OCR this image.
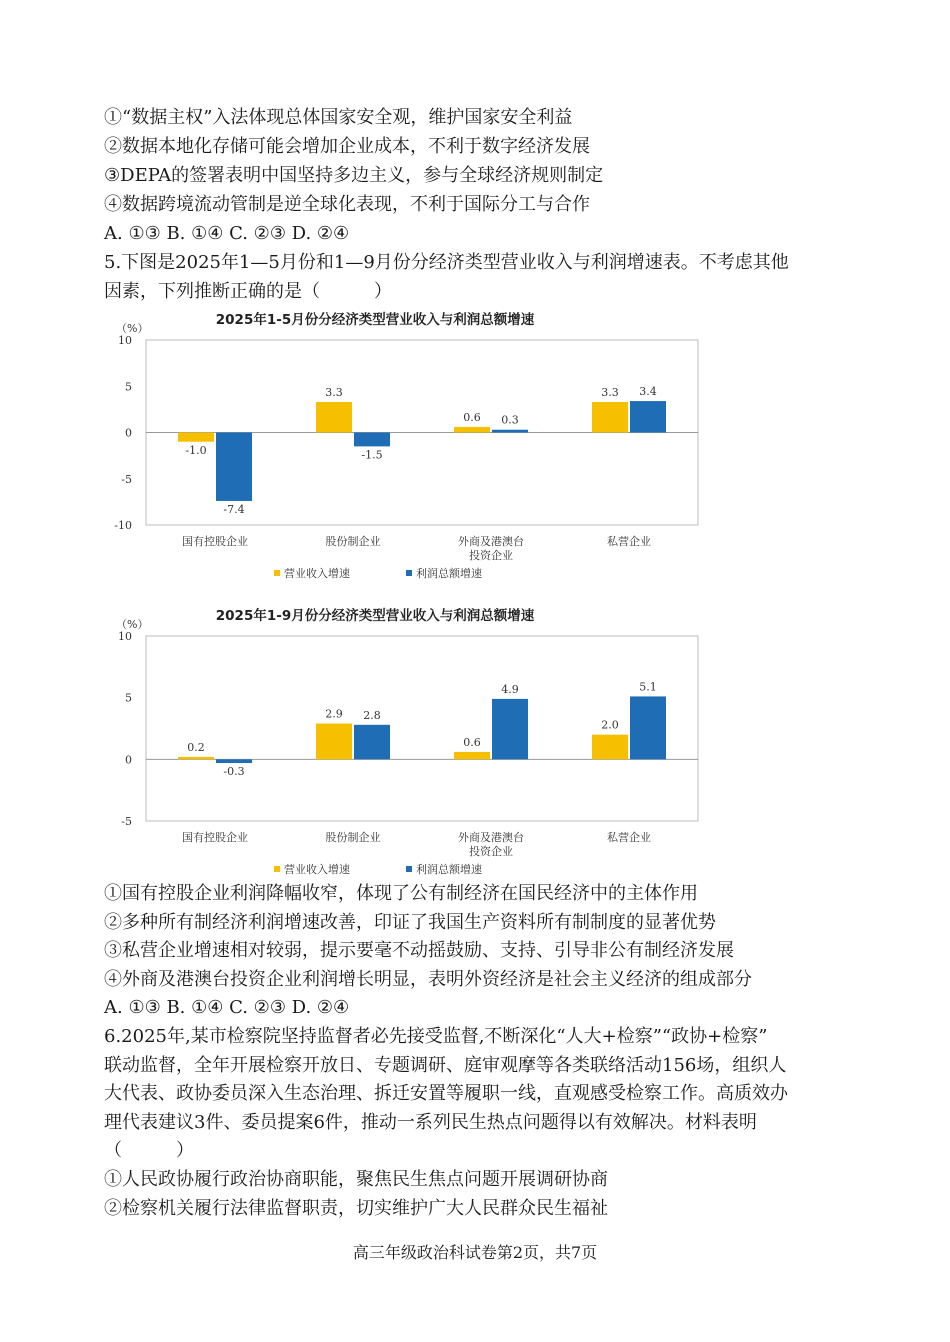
①“数据主权”入法体现总体国家安全观，维护国家安全利益
②数据本地化存储可能会增加企业成本，不利于数字经济发展
③DEPA的签署表明中国坚持多边主义，参与全球经济规则制定
④数据跨境流动管制是逆全球化表现，不利于国际分工与合作
A. ①③ B. ①④ C. ②③ D. ②④
5.下图是2025年1—5月份和1—9月份分经济类型营业收入与利润增速表。不考虑其他
因素，下列推断正确的是（　　　）
2025年1-5月份分经济类型营业收入与利润总额增速
（%）
10
5
0
-5
-10
-1.0
-7.4
国有控股企业
3.3
-1.5
股份制企业
0.6 0.3
外商及港澳台
投资企业
3.3 3.4
私营企业
营业收入增速	利润总额增速
2025年1-9月份分经济类型营业收入与利润总额增速
（%）
10
5
0
-5
0.2
-0.3
国有控股企业
2.9 2.8
股份制企业
0.6
4.9
外商及港澳台
投资企业
2.0
5.1
私营企业
营业收入增速	利润总额增速
①国有控股企业利润降幅收窄，体现了公有制经济在国民经济中的主体作用
②多种所有制经济利润增速改善，印证了我国生产资料所有制制度的显著优势
③私营企业增速相对较弱，提示要毫不动摇鼓励、支持、引导非公有制经济发展
④外商及港澳台投资企业利润增长明显，表明外资经济是社会主义经济的组成部分
A. ①③ B. ①④ C. ②③ D. ②④
6.2025年,某市检察院坚持监督者必先接受监督,不断深化“人大+检察”“政协+检察”
联动监督，全年开展检察开放日、专题调研、庭审观摩等各类联络活动156场，组织人
大代表、政协委员深入生态治理、拆迁安置等履职一线，直观感受检察工作。高质效办
理代表建议3件、委员提案6件，推动一系列民生热点问题得以有效解决。材料表明
（　　　）
①人民政协履行政治协商职能，聚焦民生焦点问题开展调研协商
②检察机关履行法律监督职责，切实维护广大人民群众民生福祉
高三年级政治科试卷第2页，共7页
